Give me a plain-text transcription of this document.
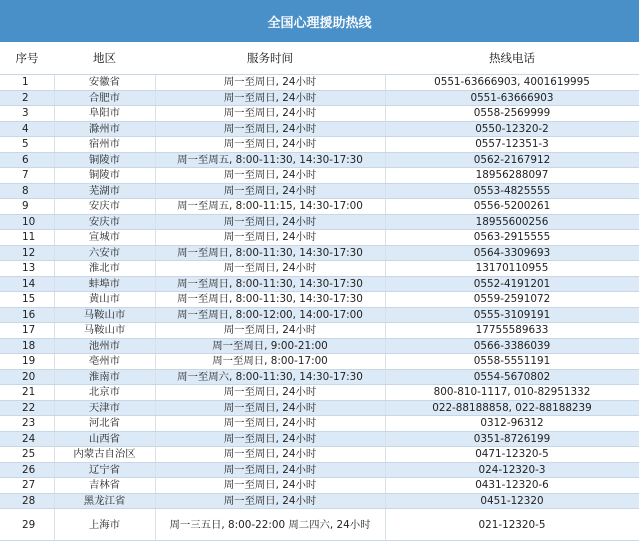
全国心理援助热线
序号	地区	服务时间	热线电话
1	安徽省	周一至周日, 24小时	0551-63666903, 4001619995
2	合肥市	周一至周日, 24小时	0551-63666903
3	阜阳市	周一至周日, 24小时	0558-2569999
4	滁州市	周一至周日, 24小时	0550-12320-2
5	宿州市	周一至周日, 24小时	0557-12351-3
6	铜陵市	周一至周五, 8:00-11:30, 14:30-17:30	0562-2167912
7	铜陵市	周一至周日, 24小时	18956288097
8	芜湖市	周一至周日, 24小时	0553-4825555
9	安庆市	周一至周五, 8:00-11:15, 14:30-17:00	0556-5200261
10	安庆市	周一至周日, 24小时	18955600256
11	宣城市	周一至周日, 24小时	0563-2915555
12	六安市	周一至周日, 8:00-11:30, 14:30-17:30	0564-3309693
13	淮北市	周一至周日, 24小时	13170110955
14	蚌埠市	周一至周日, 8:00-11:30, 14:30-17:30	0552-4191201
15	黄山市	周一至周日, 8:00-11:30, 14:30-17:30	0559-2591072
16	马鞍山市	周一至周日, 8:00-12:00, 14:00-17:00	0555-3109191
17	马鞍山市	周一至周日, 24小时	17755589633
18	池州市	周一至周日, 9:00-21:00	0566-3386039
19	亳州市	周一至周日, 8:00-17:00	0558-5551191
20	淮南市	周一至周六, 8:00-11:30, 14:30-17:30	0554-5670802
21	北京市	周一至周日, 24小时	800-810-1117, 010-82951332
22	天津市	周一至周日, 24小时	022-88188858, 022-88188239
23	河北省	周一至周日, 24小时	0312-96312
24	山西省	周一至周日, 24小时	0351-8726199
25	内蒙古自治区	周一至周日, 24小时	0471-12320-5
26	辽宁省	周一至周日, 24小时	024-12320-3
27	吉林省	周一至周日, 24小时	0431-12320-6
28	黑龙江省	周一至周日, 24小时	0451-12320
29	上海市	周一三五日, 8:00-22:00 周二四六, 24小时	021-12320-5
